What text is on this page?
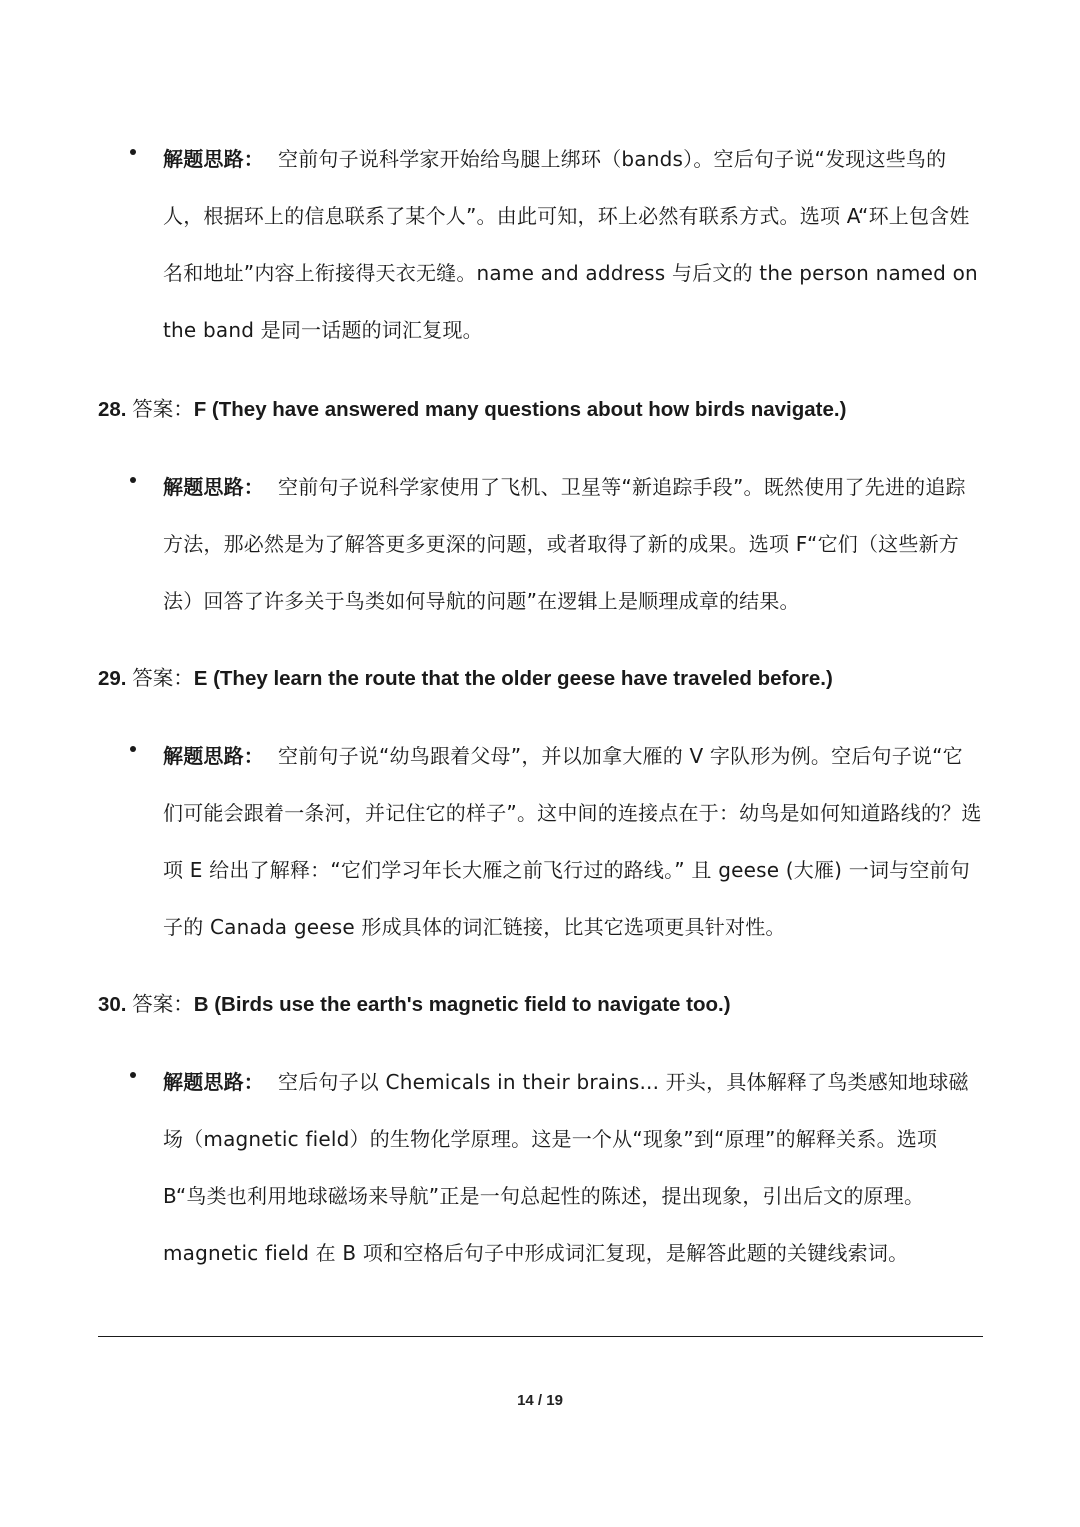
解题思路： 空前句子说科学家开始给鸟腿上绑环（bands）。空后句子说“发现这些鸟的人，根据环上的信息联系了某个人”。由此可知，环上必然有联系方式。选项 A“环上包含姓名和地址”内容上衔接得天衣无缝。name and address 与后文的 the person named on the band 是同一话题的词汇复现。

28. 答案：F (They have answered many questions about how birds navigate.)

解题思路： 空前句子说科学家使用了飞机、卫星等“新追踪手段”。既然使用了先进的追踪方法，那必然是为了解答更多更深的问题，或者取得了新的成果。选项 F“它们（这些新方法）回答了许多关于鸟类如何导航的问题”在逻辑上是顺理成章的结果。

29. 答案：E (They learn the route that the older geese have traveled before.)

解题思路： 空前句子说“幼鸟跟着父母”，并以加拿大雁的 V 字队形为例。空后句子说“它们可能会跟着一条河，并记住它的样子”。这中间的连接点在于：幼鸟是如何知道路线的？选项 E 给出了解释：“它们学习年长大雁之前飞行过的路线。” 且 geese (大雁) 一词与空前句子的 Canada geese 形成具体的词汇链接，比其它选项更具针对性。

30. 答案：B (Birds use the earth's magnetic field to navigate too.)

解题思路： 空后句子以 Chemicals in their brains... 开头，具体解释了鸟类感知地球磁场（magnetic field）的生物化学原理。这是一个从“现象”到“原理”的解释关系。选项 B“鸟类也利用地球磁场来导航”正是一句总起性的陈述，提出现象，引出后文的原理。magnetic field 在 B 项和空格后句子中形成词汇复现，是解答此题的关键线索词。

14 / 19
